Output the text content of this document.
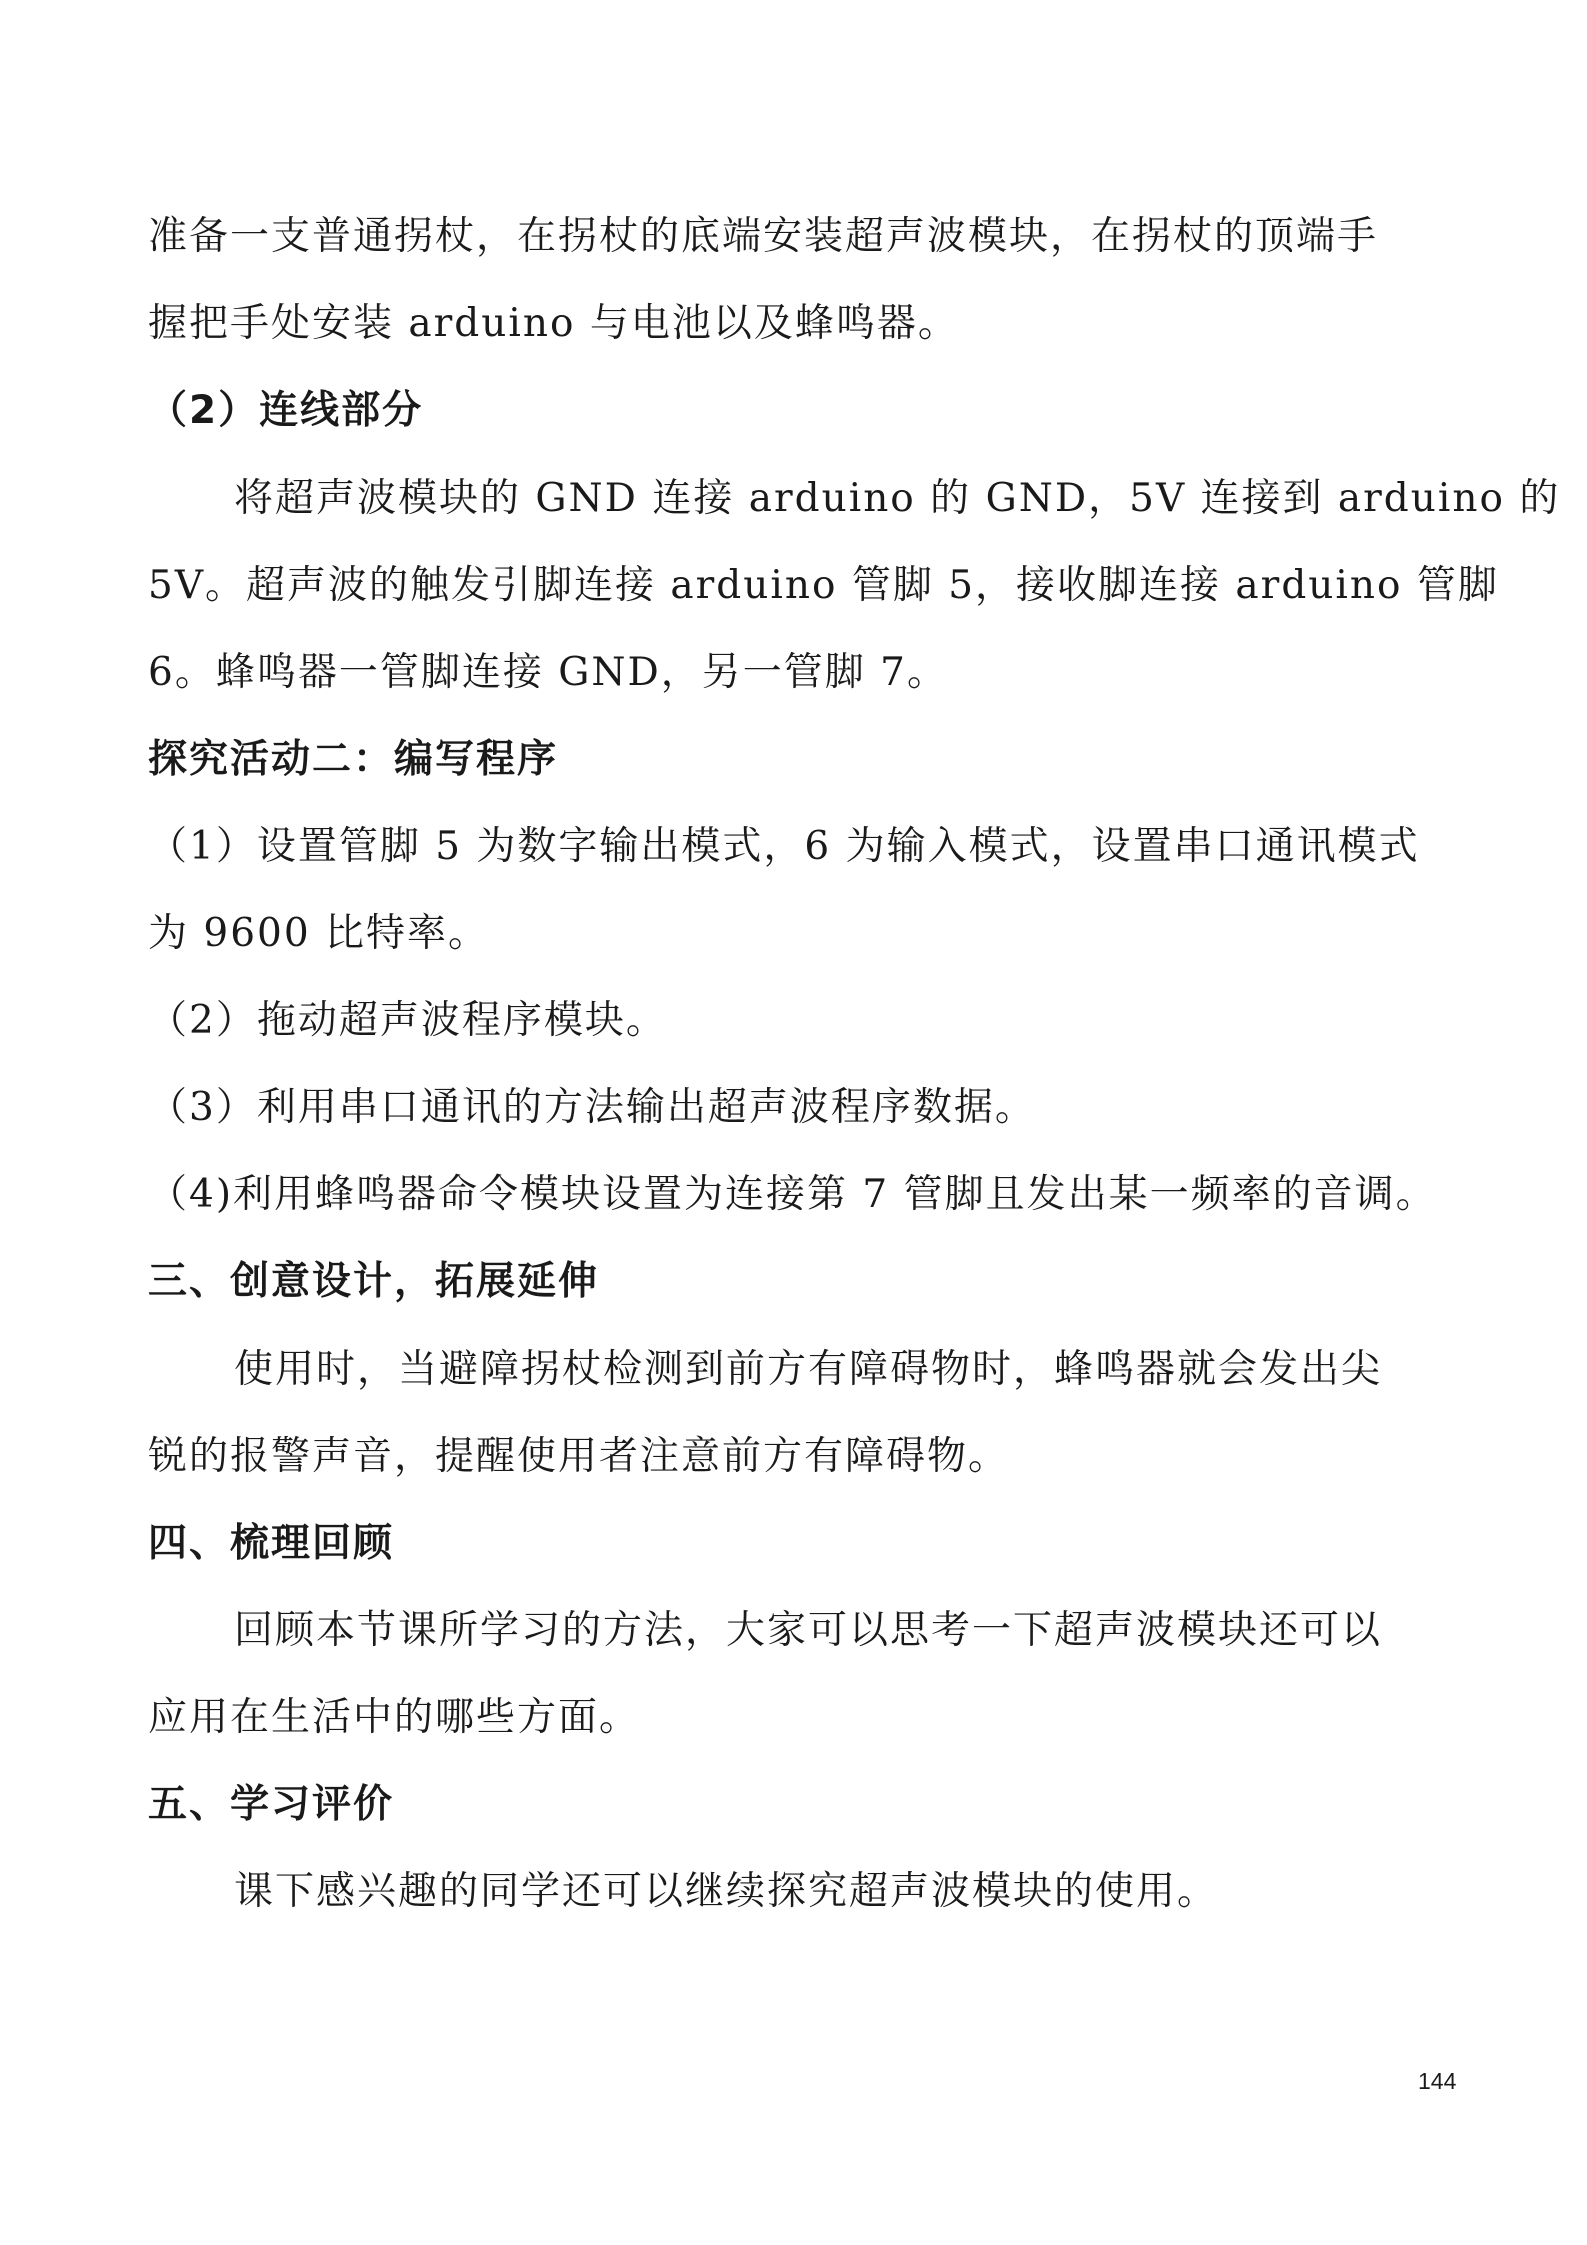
准备一支普通拐杖，在拐杖的底端安装超声波模块，在拐杖的顶端手
握把手处安装 arduino 与电池以及蜂鸣器。
（2）连线部分
将超声波模块的 GND 连接 arduino 的 GND，5V 连接到 arduino 的
5V。超声波的触发引脚连接 arduino 管脚 5，接收脚连接 arduino 管脚
6。蜂鸣器一管脚连接 GND，另一管脚 7。
探究活动二：编写程序
（1）设置管脚 5 为数字输出模式，6 为输入模式，设置串口通讯模式
为 9600 比特率。
（2）拖动超声波程序模块。
（3）利用串口通讯的方法输出超声波程序数据。
（4)利用蜂鸣器命令模块设置为连接第 7 管脚且发出某一频率的音调。
三、创意设计，拓展延伸
使用时，当避障拐杖检测到前方有障碍物时，蜂鸣器就会发出尖
锐的报警声音，提醒使用者注意前方有障碍物。
四、梳理回顾
回顾本节课所学习的方法，大家可以思考一下超声波模块还可以
应用在生活中的哪些方面。
五、学习评价
课下感兴趣的同学还可以继续探究超声波模块的使用。
144
